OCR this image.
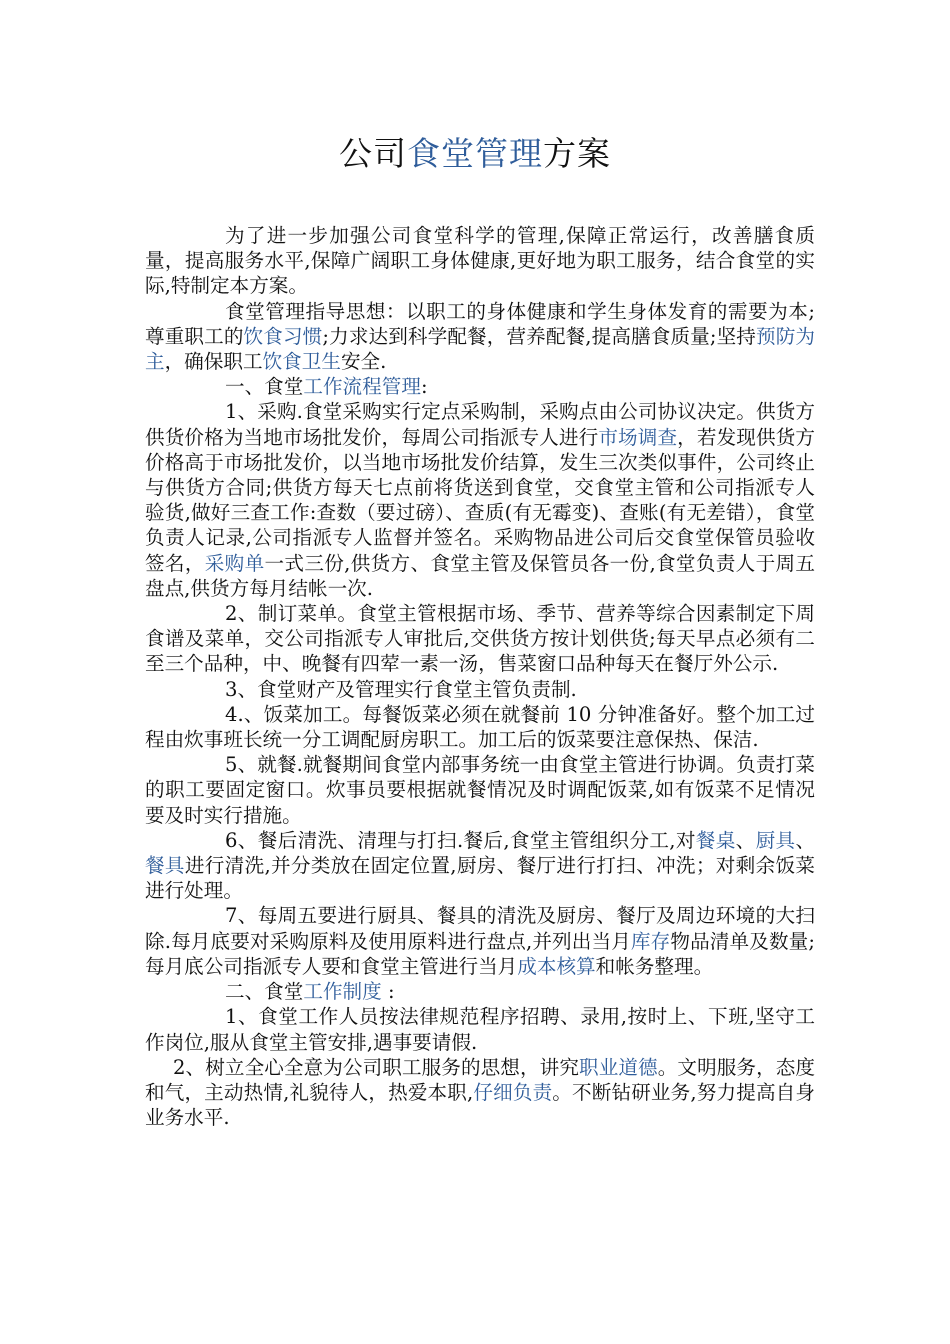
公司食堂管理方案

为了进一步加强公司食堂科学的管理,保障正常运行，改善膳食质量，提高服务水平,保障广阔职工身体健康,更好地为职工服务，结合食堂的实际,特制定本方案。

食堂管理指导思想：以职工的身体健康和学生身体发育的需要为本;尊重职工的饮食习惯;力求达到科学配餐，营养配餐,提高膳食质量;坚持预防为主，确保职工饮食卫生安全.

一、食堂工作流程管理:

1、采购.食堂采购实行定点采购制，采购点由公司协议决定。供货方供货价格为当地市场批发价，每周公司指派专人进行市场调查，若发现供货方价格高于市场批发价，以当地市场批发价结算，发生三次类似事件，公司终止与供货方合同;供货方每天七点前将货送到食堂，交食堂主管和公司指派专人验货,做好三查工作:查数（要过磅）、查质(有无霉变)、查账(有无差错），食堂负责人记录,公司指派专人监督并签名。采购物品进公司后交食堂保管员验收签名，采购单一式三份,供货方、食堂主管及保管员各一份,食堂负责人于周五盘点,供货方每月结帐一次.

2、制订菜单。食堂主管根据市场、季节、营养等综合因素制定下周食谱及菜单，交公司指派专人审批后,交供货方按计划供货;每天早点必须有二至三个品种，中、晚餐有四荤一素一汤，售菜窗口品种每天在餐厅外公示.

3、食堂财产及管理实行食堂主管负责制.

4.、饭菜加工。每餐饭菜必须在就餐前 10 分钟准备好。整个加工过程由炊事班长统一分工调配厨房职工。加工后的饭菜要注意保热、保洁.

5、就餐.就餐期间食堂内部事务统一由食堂主管进行协调。负责打菜的职工要固定窗口。炊事员要根据就餐情况及时调配饭菜,如有饭菜不足情况要及时实行措施。

6、餐后清洗、清理与打扫.餐后,食堂主管组织分工,对餐桌、厨具、餐具进行清洗,并分类放在固定位置,厨房、餐厅进行打扫、冲洗；对剩余饭菜进行处理。

7、每周五要进行厨具、餐具的清洗及厨房、餐厅及周边环境的大扫除.每月底要对采购原料及使用原料进行盘点,并列出当月库存物品清单及数量;每月底公司指派专人要和食堂主管进行当月成本核算和帐务整理。

二、食堂工作制度 :

1、食堂工作人员按法律规范程序招聘、录用,按时上、下班,坚守工作岗位,服从食堂主管安排,遇事要请假.

2、树立全心全意为公司职工服务的思想，讲究职业道德。文明服务，态度和气，主动热情,礼貌待人，热爱本职,仔细负责。不断钻研业务,努力提高自身业务水平.
